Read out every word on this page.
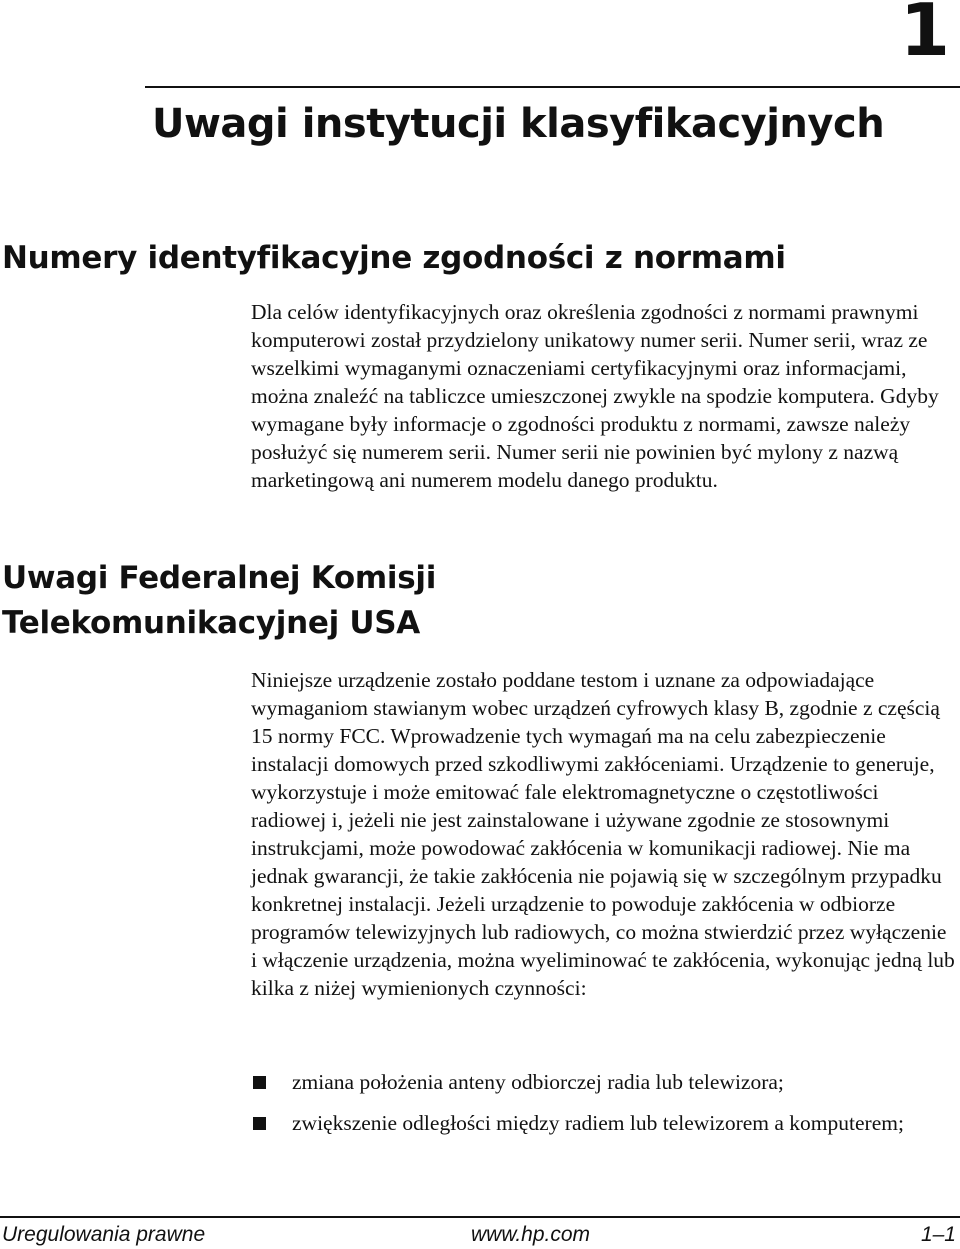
1
Uwagi instytucji klasyfikacyjnych
Numery identyfikacyjne zgodności z normami

Dla celów identyfikacyjnych oraz określenia zgodności z normami prawnymi komputerowi został przydzielony unikatowy numer serii. Numer serii, wraz ze wszelkimi wymaganymi oznaczeniami certyfikacyjnymi oraz informacjami, można znaleźć na tabliczce umieszczonej zwykle na spodzie komputera. Gdyby wymagane były informacje o zgodności produktu z normami, zawsze należy posłużyć się numerem serii. Numer serii nie powinien być mylony z nazwą marketingową ani numerem modelu danego produktu.

Uwagi Federalnej Komisji
Telekomunikacyjnej USA

Niniejsze urządzenie zostało poddane testom i uznane za odpowiadające wymaganiom stawianym wobec urządzeń cyfrowych klasy B, zgodnie z częścią 15 normy FCC. Wprowadzenie tych wymagań ma na celu zabezpieczenie instalacji domowych przed szkodliwymi zakłóceniami. Urządzenie to generuje, wykorzystuje i może emitować fale elektromagnetyczne o częstotliwości radiowej i, jeżeli nie jest zainstalowane i używane zgodnie ze stosownymi instrukcjami, może powodować zakłócenia w komunikacji radiowej. Nie ma jednak gwarancji, że takie zakłócenia nie pojawią się w szczególnym przypadku konkretnej instalacji. Jeżeli urządzenie to powoduje zakłócenia w odbiorze programów telewizyjnych lub radiowych, co można stwierdzić przez wyłączenie i włączenie urządzenia, można wyeliminować te zakłócenia, wykonując jedną lub kilka z niżej wymienionych czynności:

zmiana położenia anteny odbiorczej radia lub telewizora;
zwiększenie odległości między radiem lub telewizorem a komputerem;
Uregulowania prawne	www.hp.com	1–1
